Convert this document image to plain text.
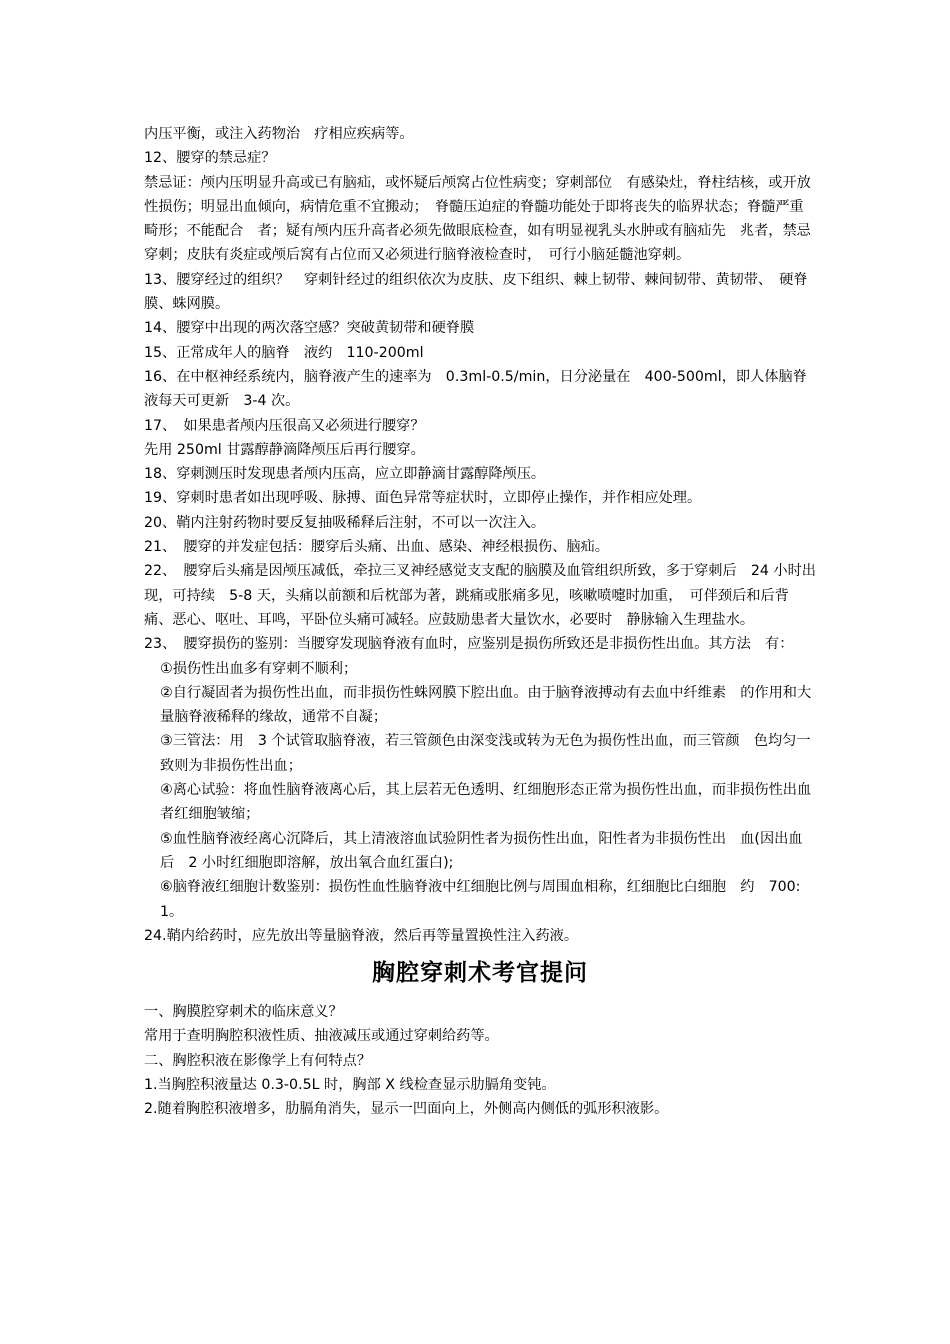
内压平衡，或注入药物治　疗相应疾病等。

12、腰穿的禁忌症？

禁忌证：颅内压明显升高或已有脑疝，或怀疑后颅窝占位性病变；穿刺部位　有感染灶，脊柱结核，或开放性损伤；明显出血倾向，病情危重不宜搬动；　脊髓压迫症的脊髓功能处于即将丧失的临界状态；脊髓严重畸形；不能配合　者；疑有颅内压升高者必须先做眼底检查，如有明显视乳头水肿或有脑疝先　兆者，禁忌穿刺；皮肤有炎症或颅后窝有占位而又必须进行脑脊液检查时，　可行小脑延髓池穿刺。

13、腰穿经过的组织？　穿刺针经过的组织依次为皮肤、皮下组织、棘上韧带、棘间韧带、黄韧带、　硬脊膜、蛛网膜。

14、腰穿中出现的两次落空感？突破黄韧带和硬脊膜

15、正常成年人的脑脊　液约　110-200ml

16、在中枢神经系统内，脑脊液产生的速率为　0.3ml-0.5/min，日分泌量在　400-500ml，即人体脑脊液每天可更新　3-4 次。

17、　如果患者颅内压很高又必须进行腰穿？

先用 250ml 甘露醇静滴降颅压后再行腰穿。

18、穿刺测压时发现患者颅内压高，应立即静滴甘露醇降颅压。

19、穿刺时患者如出现呼吸、脉搏、面色异常等症状时，立即停止操作，并作相应处理。

20、鞘内注射药物时要反复抽吸稀释后注射，不可以一次注入。

21、　腰穿的并发症包括：腰穿后头痛、出血、感染、神经根损伤、脑疝。

22、　腰穿后头痛是因颅压减低，牵拉三叉神经感觉支支配的脑膜及血管组织所致，多于穿刺后　24 小时出现，可持续　5-8 天，头痛以前额和后枕部为著，跳痛或胀痛多见，咳嗽喷嚏时加重，　可伴颈后和后背痛、恶心、呕吐、耳鸣，平卧位头痛可减轻。应鼓励患者大量饮水，必要时　静脉输入生理盐水。

23、　腰穿损伤的鉴别：当腰穿发现脑脊液有血时，应鉴别是损伤所致还是非损伤性出血。其方法　有：

①损伤性出血多有穿刺不顺利；

②自行凝固者为损伤性出血，而非损伤性蛛网膜下腔出血。由于脑脊液搏动有去血中纤维素　的作用和大量脑脊液稀释的缘故，通常不自凝；

③三管法：用　3 个试管取脑脊液，若三管颜色由深变浅或转为无色为损伤性出血，而三管颜　色均匀一致则为非损伤性出血；

④离心试验：将血性脑脊液离心后，其上层若无色透明、红细胞形态正常为损伤性出血，而非损伤性出血者红细胞皱缩；

⑤血性脑脊液经离心沉降后，其上清液溶血试验阴性者为损伤性出血，阳性者为非损伤性出　血(因出血后　2 小时红细胞即溶解，放出氧合血红蛋白);

⑥脑脊液红细胞计数鉴别：损伤性血性脑脊液中红细胞比例与周围血相称，红细胞比白细胞　约　700:1。

24.鞘内给药时，应先放出等量脑脊液，然后再等量置换性注入药液。

胸腔穿刺术考官提问

一、胸膜腔穿刺术的临床意义？

常用于查明胸腔积液性质、抽液减压或通过穿刺给药等。

二、胸腔积液在影像学上有何特点？

1.当胸腔积液量达 0.3-0.5L 时，胸部 X 线检查显示肋膈角变钝。

2.随着胸腔积液增多，肋膈角消失，显示一凹面向上，外侧高内侧低的弧形积液影。
